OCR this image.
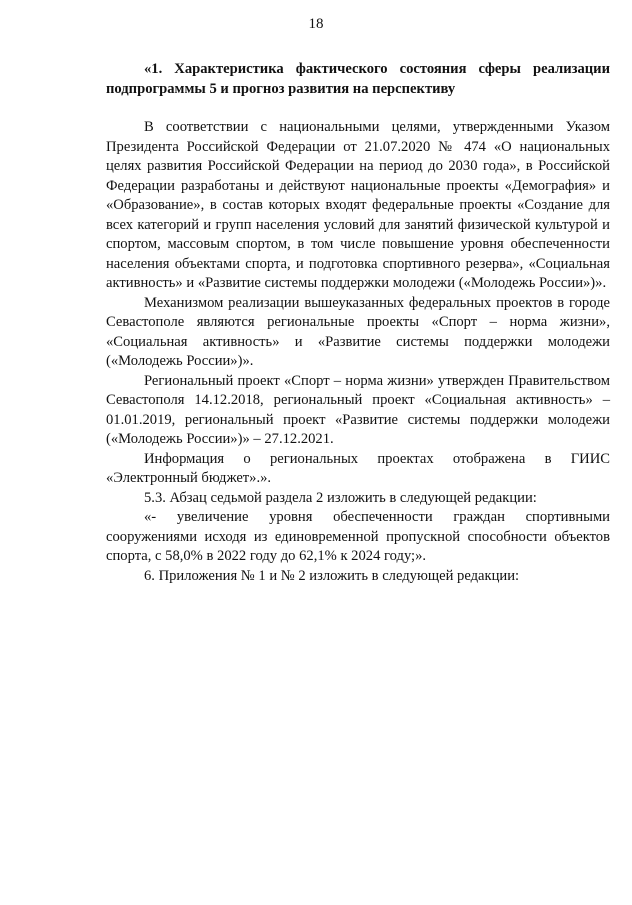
18

«1. Характеристика фактического состояния сферы реализации подпрограммы 5 и прогноз развития на перспективу

В соответствии с национальными целями, утвержденными Указом Президента Российской Федерации от 21.07.2020 № 474 «О национальных целях развития Российской Федерации на период до 2030 года», в Российской Федерации разработаны и действуют национальные проекты «Демография» и «Образование», в состав которых входят федеральные проекты «Создание для всех категорий и групп населения условий для занятий физической культурой и спортом, массовым спортом, в том числе повышение уровня обеспеченности населения объектами спорта, и подготовка спортивного резерва», «Социальная активность» и «Развитие системы поддержки молодежи («Молодежь России»)».

Механизмом реализации вышеуказанных федеральных проектов в городе Севастополе являются региональные проекты «Спорт – норма жизни», «Социальная активность» и «Развитие системы поддержки молодежи («Молодежь России»)».

Региональный проект «Спорт – норма жизни» утвержден Правительством Севастополя 14.12.2018, региональный проект «Социальная активность» – 01.01.2019, региональный проект «Развитие системы поддержки молодежи («Молодежь России»)» – 27.12.2021.

Информация о региональных проектах отображена в ГИИС «Электронный бюджет».».

5.3. Абзац седьмой раздела 2 изложить в следующей редакции:

«- увеличение уровня обеспеченности граждан спортивными сооружениями исходя из единовременной пропускной способности объектов спорта, с 58,0% в 2022 году до 62,1% к 2024 году;».

6. Приложения № 1 и № 2 изложить в следующей редакции:
